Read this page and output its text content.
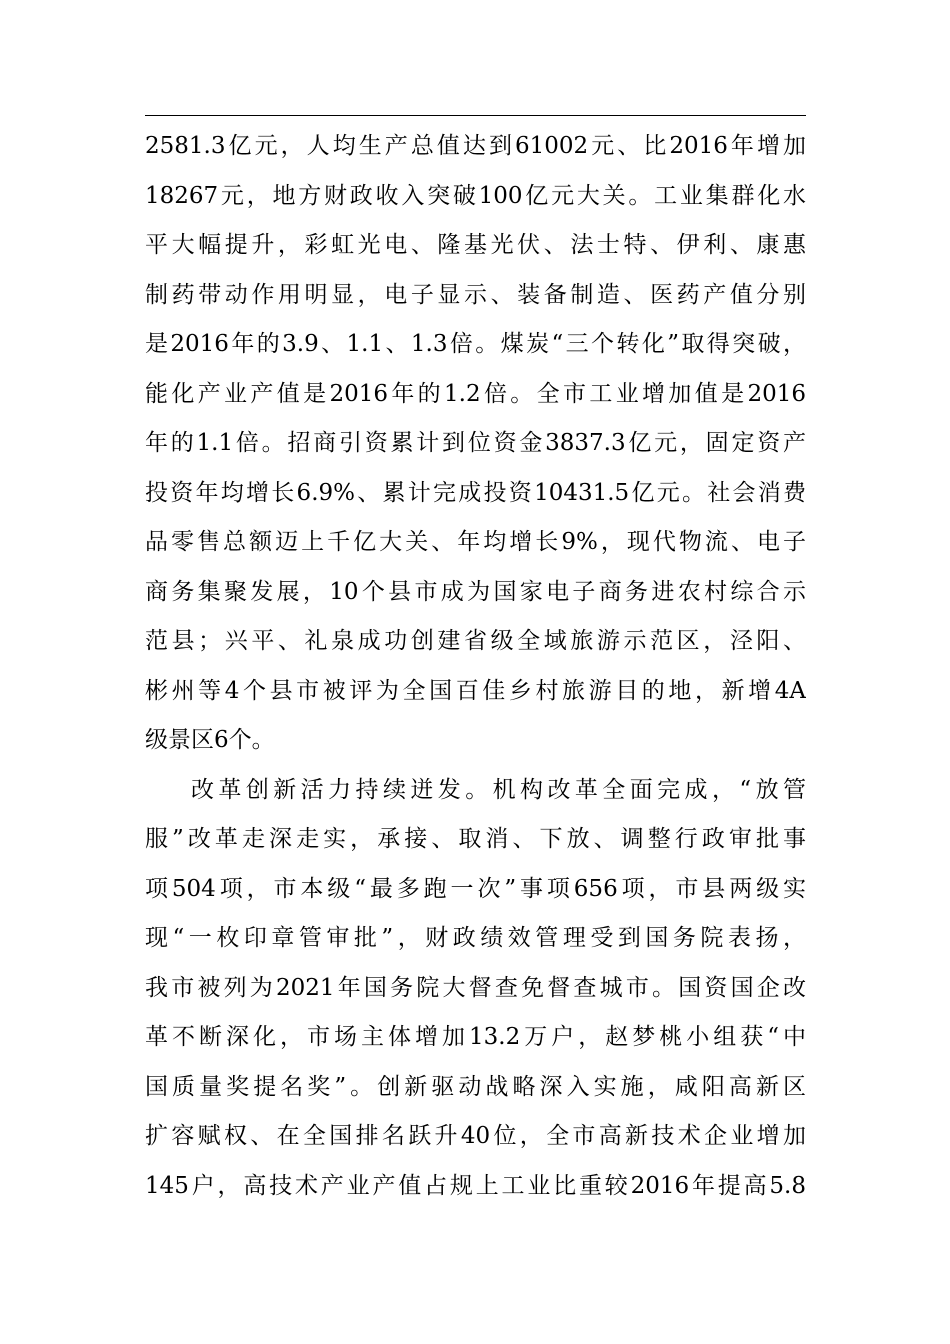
2581.3亿元，人均生产总值达到61002元、比2016年增加
18267元，地方财政收入突破100亿元大关。工业集群化水
平大幅提升，彩虹光电、隆基光伏、法士特、伊利、康惠
制药带动作用明显，电子显示、装备制造、医药产值分别
是2016年的3.9、1.1、1.3倍。煤炭“三个转化”取得突破，
能化产业产值是2016年的1.2倍。全市工业增加值是2016
年的1.1倍。招商引资累计到位资金3837.3亿元，固定资产
投资年均增长6.9%、累计完成投资10431.5亿元。社会消费
品零售总额迈上千亿大关、年均增长9%，现代物流、电子
商务集聚发展，10个县市成为国家电子商务进农村综合示
范县；兴平、礼泉成功创建省级全域旅游示范区，泾阳、
彬州等4个县市被评为全国百佳乡村旅游目的地，新增4A
级景区6个。
改革创新活力持续迸发。机构改革全面完成，“放管
服”改革走深走实，承接、取消、下放、调整行政审批事
项504项，市本级“最多跑一次”事项656项，市县两级实
现“一枚印章管审批”，财政绩效管理受到国务院表扬，
我市被列为2021年国务院大督查免督查城市。国资国企改
革不断深化，市场主体增加13.2万户，赵梦桃小组获“中
国质量奖提名奖”。创新驱动战略深入实施，咸阳高新区
扩容赋权、在全国排名跃升40位，全市高新技术企业增加
145户，高技术产业产值占规上工业比重较2016年提高5.8
